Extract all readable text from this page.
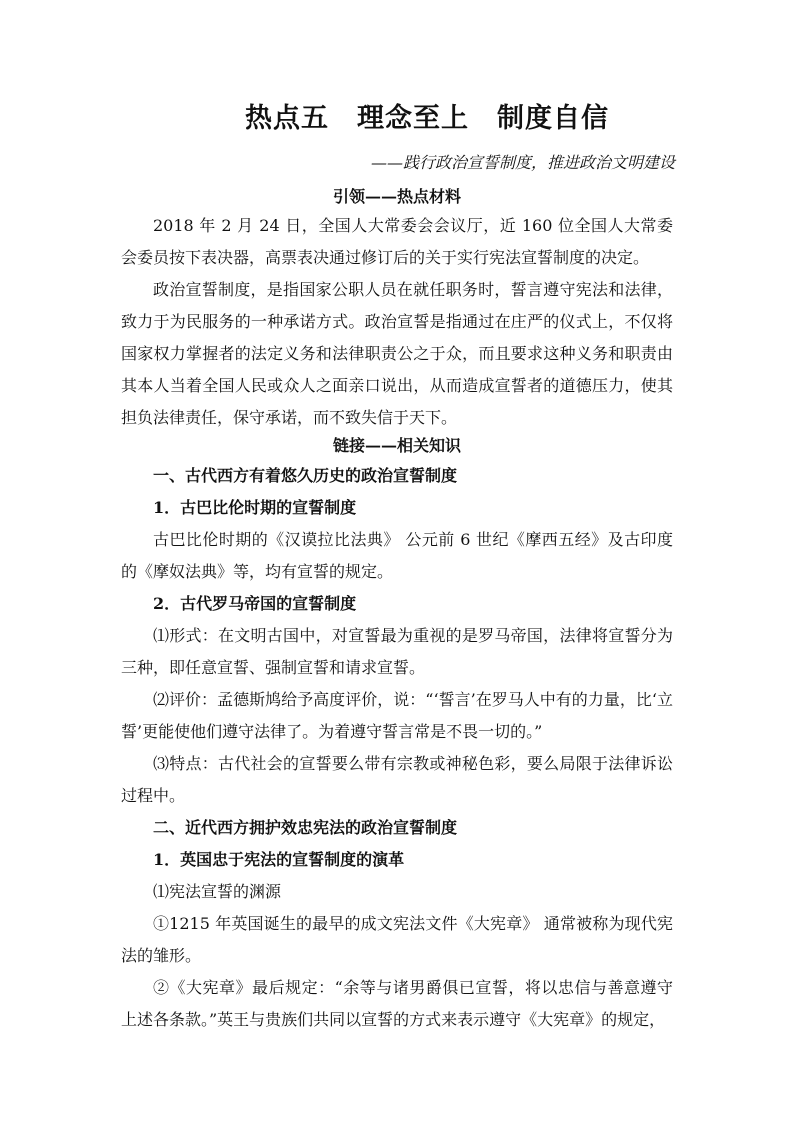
热点五　理念至上　制度自信
——践行政治宣誓制度，推进政治文明建设
引领——热点材料

2018 年 2 月 24 日，全国人大常委会会议厅，近 160 位全国人大常委会委员按下表决器，高票表决通过修订后的关于实行宪法宣誓制度的决定。

政治宣誓制度，是指国家公职人员在就任职务时，誓言遵守宪法和法律，致力于为民服务的一种承诺方式。政治宣誓是指通过在庄严的仪式上，不仅将国家权力掌握者的法定义务和法律职责公之于众，而且要求这种义务和职责由其本人当着全国人民或众人之面亲口说出，从而造成宣誓者的道德压力，使其担负法律责任，保守承诺，而不致失信于天下。

链接——相关知识

一、古代西方有着悠久历史的政治宣誓制度

1．古巴比伦时期的宣誓制度

古巴比伦时期的《汉谟拉比法典》 公元前 6 世纪《摩西五经》及古印度的《摩奴法典》等，均有宣誓的规定。

2．古代罗马帝国的宣誓制度

⑴形式：在文明古国中，对宣誓最为重视的是罗马帝国，法律将宣誓分为三种，即任意宣誓、强制宣誓和请求宣誓。

⑵评价：孟德斯鸠给予高度评价，说：“‘誓言’在罗马人中有的力量，比‘立誓’更能使他们遵守法律了。为着遵守誓言常是不畏一切的。”

⑶特点：古代社会的宣誓要么带有宗教或神秘色彩，要么局限于法律诉讼过程中。

二、近代西方拥护效忠宪法的政治宣誓制度

1．英国忠于宪法的宣誓制度的演革

⑴宪法宣誓的渊源

①1215 年英国诞生的最早的成文宪法文件《大宪章》 通常被称为现代宪法的雏形。

②《大宪章》最后规定：“余等与诸男爵俱已宣誓，将以忠信与善意遵守上述各条款。”英王与贵族们共同以宣誓的方式来表示遵守《大宪章》的规定，
